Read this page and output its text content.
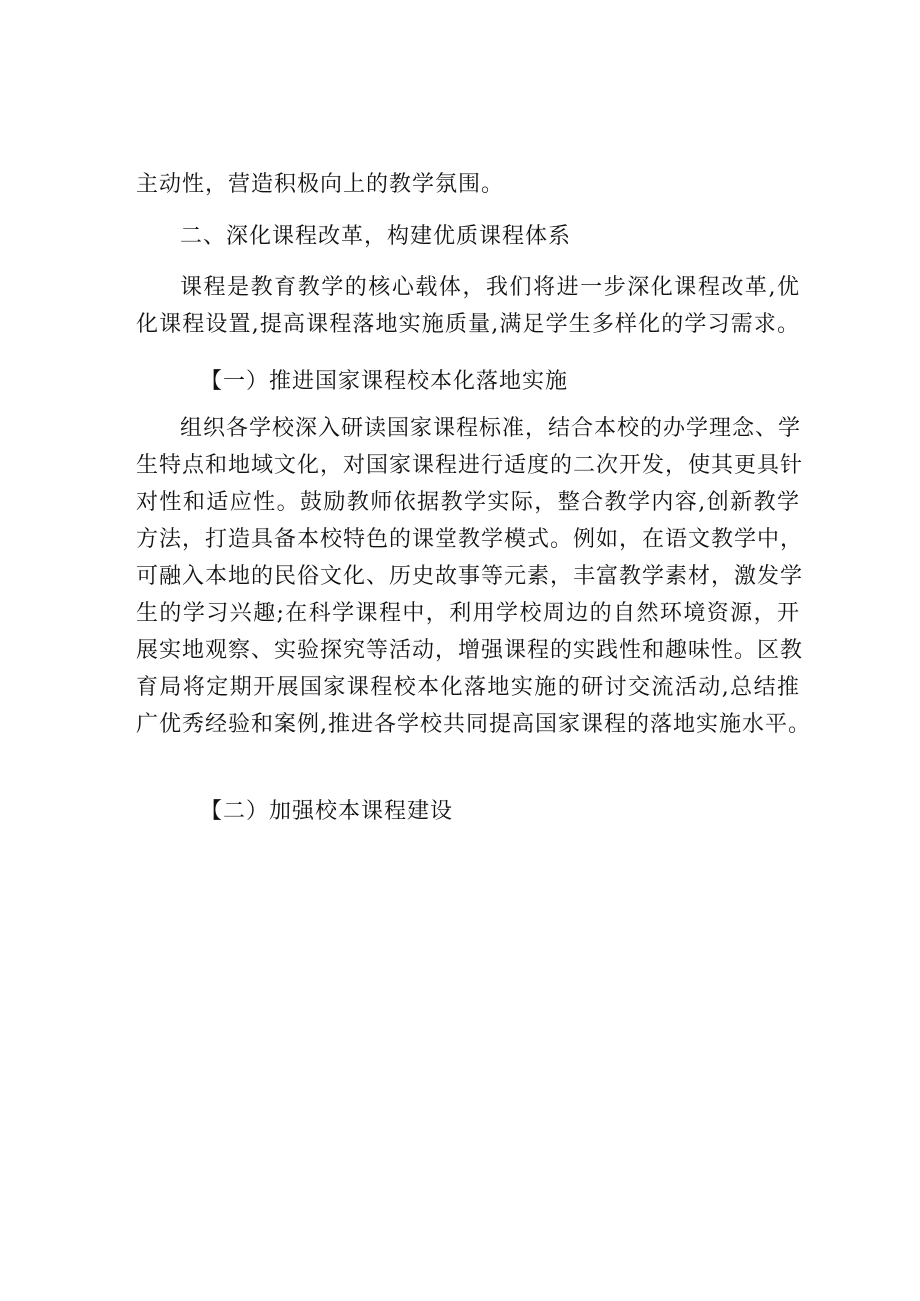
主动性，营造积极向上的教学氛围。

二、深化课程改革，构建优质课程体系

课程是教育教学的核心载体，我们将进一步深化课程改革,优
化课程设置,提高课程落地实施质量,满足学生多样化的学习需求。

【一）推进国家课程校本化落地实施

组织各学校深入研读国家课程标准，结合本校的办学理念、学
生特点和地域文化，对国家课程进行适度的二次开发，使其更具针
对性和适应性。鼓励教师依据教学实际，整合教学内容,创新教学
方法，打造具备本校特色的课堂教学模式。例如，在语文教学中，
可融入本地的民俗文化、历史故事等元素，丰富教学素材，激发学
生的学习兴趣;在科学课程中，利用学校周边的自然环境资源，开
展实地观察、实验探究等活动，增强课程的实践性和趣味性。区教
育局将定期开展国家课程校本化落地实施的研讨交流活动,总结推
广优秀经验和案例,推进各学校共同提高国家课程的落地实施水平。

【二）加强校本课程建设
